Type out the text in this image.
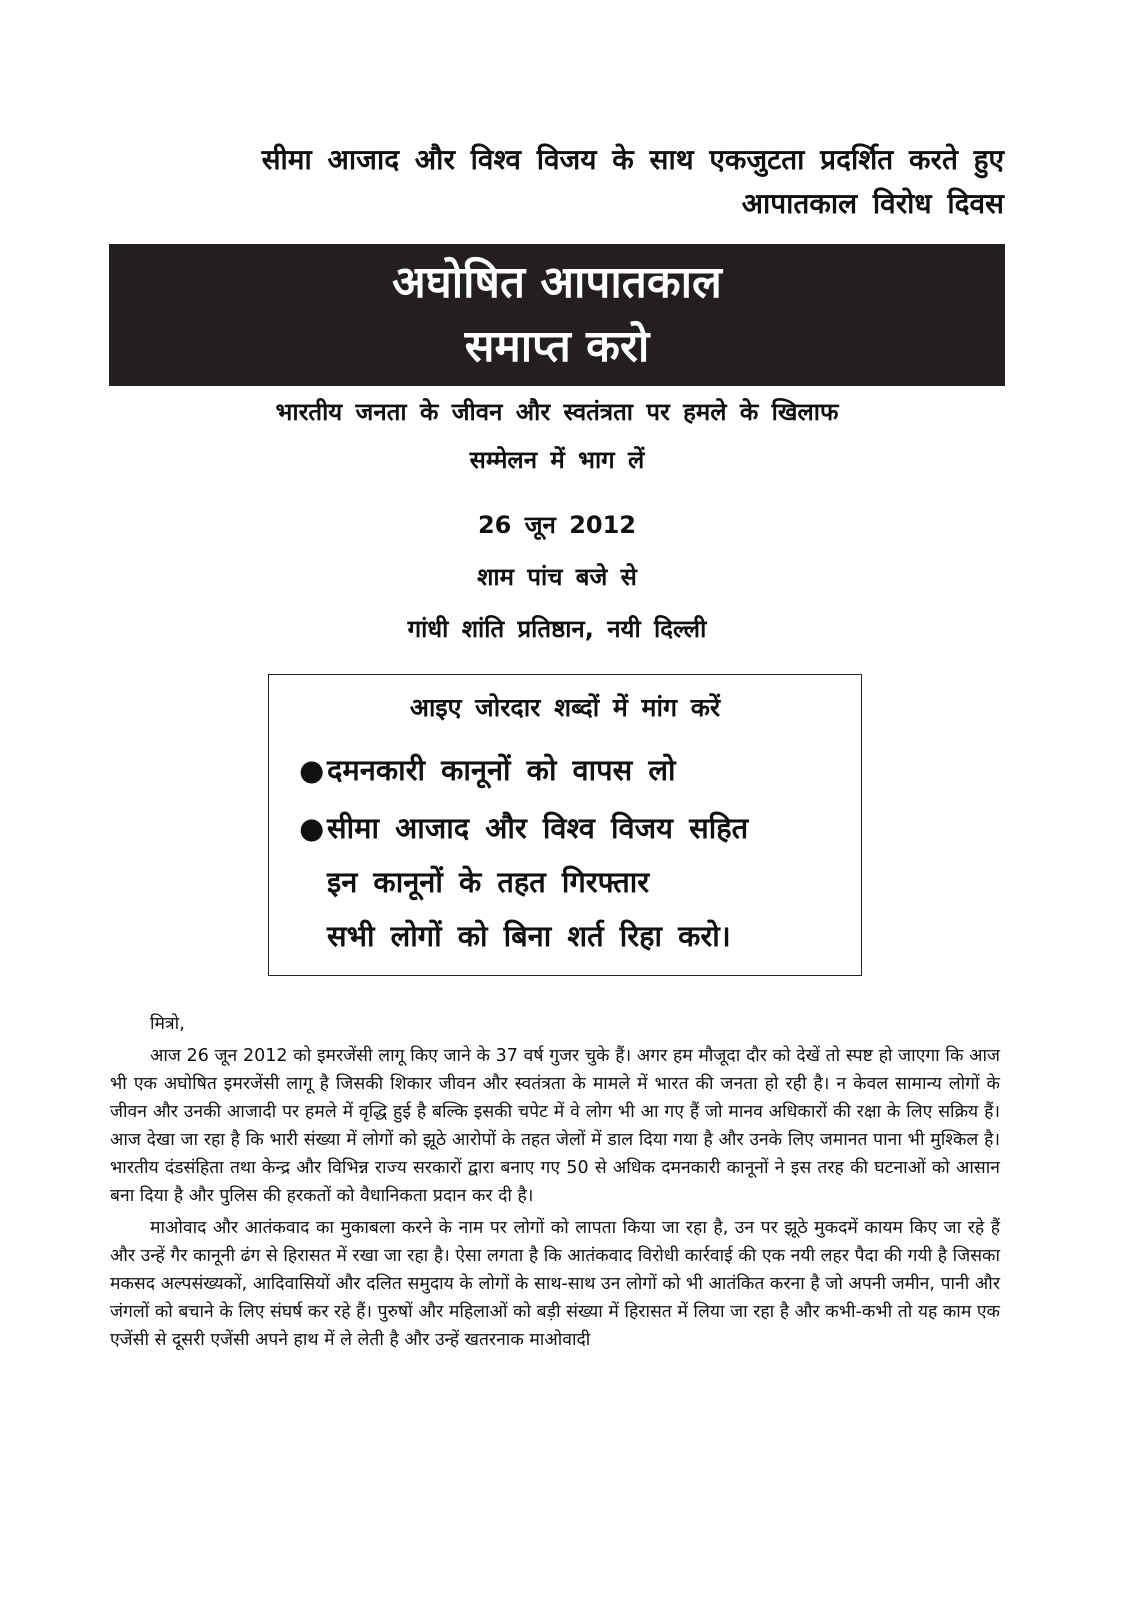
सीमा आजाद और विश्व विजय के साथ एकजुटता प्रदर्शित करते हुए
आपातकाल विरोध दिवस
अघोषित आपातकाल
समाप्त करो
भारतीय जनता के जीवन और स्वतंत्रता पर हमले के खिलाफ
सम्मेलन में भाग लें
26 जून 2012
शाम पांच बजे से
गांधी शांति प्रतिष्ठान, नयी दिल्ली
आइए जोरदार शब्दों में मांग करें
●दमनकारी कानूनों को वापस लो
●सीमा आजाद और विश्व विजय सहित
इन कानूनों के तहत गिरफ्तार
सभी लोगों को बिना शर्त रिहा करो।
मित्रो,

आज 26 जून 2012 को इमरजेंसी लागू किए जाने के 37 वर्ष गुजर चुके हैं। अगर हम मौजूदा दौर को देखें तो स्पष्ट हो जाएगा कि आज भी एक अघोषित इमरजेंसी लागू है जिसकी शिकार जीवन और स्वतंत्रता के मामले में भारत की जनता हो रही है। न केवल सामान्य लोगों के जीवन और उनकी आजादी पर हमले में वृद्धि हुई है बल्कि इसकी चपेट में वे लोग भी आ गए हैं जो मानव अधिकारों की रक्षा के लिए सक्रिय हैं। आज देखा जा रहा है कि भारी संख्या में लोगों को झूठे आरोपों के तहत जेलों में डाल दिया गया है और उनके लिए जमानत पाना भी मुश्किल है। भारतीय दंडसंहिता तथा केन्द्र और विभिन्न राज्य सरकारों द्वारा बनाए गए 50 से अधिक दमनकारी कानूनों ने इस तरह की घटनाओं को आसान बना दिया है और पुलिस की हरकतों को वैधानिकता प्रदान कर दी है।

माओवाद और आतंकवाद का मुकाबला करने के नाम पर लोगों को लापता किया जा रहा है, उन पर झूठे मुकदमें कायम किए जा रहे हैं और उन्हें गैर कानूनी ढंग से हिरासत में रखा जा रहा है। ऐसा लगता है कि आतंकवाद विरोधी कार्रवाई की एक नयी लहर पैदा की गयी है जिसका मकसद अल्पसंख्यकों, आदिवासियों और दलित समुदाय के लोगों के साथ-साथ उन लोगों को भी आतंकित करना है जो अपनी जमीन, पानी और जंगलों को बचाने के लिए संघर्ष कर रहे हैं। पुरुषों और महिलाओं को बड़ी संख्या में हिरासत में लिया जा रहा है और कभी-कभी तो यह काम एक एजेंसी से दूसरी एजेंसी अपने हाथ में ले लेती है और उन्हें खतरनाक माओवादी
